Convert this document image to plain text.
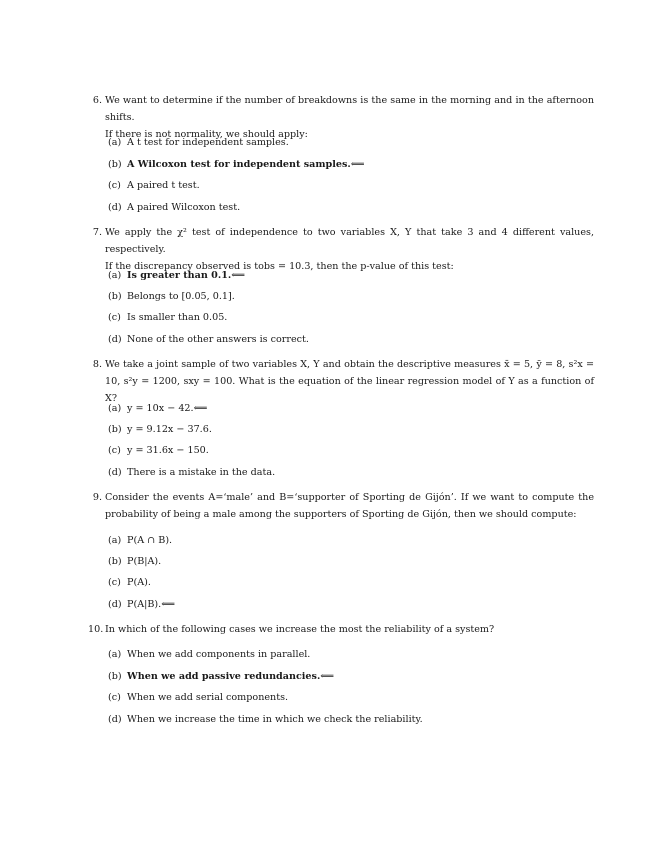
6. We want to determine if the number of breakdowns is the same in the morning and in the afternoon shifts.
If there is not normality, we should apply:
(a) A t test for independent samples.
(b) A Wilcoxon test for independent samples.⟸
(c) A paired t test.
(d) A paired Wilcoxon test.
7. We apply the χ² test of independence to two variables X, Y that take 3 and 4 different values, respectively.
If the discrepancy observed is tobs = 10.3, then the p-value of this test:
(a) Is greater than 0.1.⟸
(b) Belongs to [0.05, 0.1].
(c) Is smaller than 0.05.
(d) None of the other answers is correct.
8. We take a joint sample of two variables X, Y and obtain the descriptive measures x̄ = 5, ȳ = 8, s²x =
10, s²y = 1200, sxy = 100. What is the equation of the linear regression model of Y as a function of X?
(a) y = 10x − 42.⟸
(b) y = 9.12x − 37.6.
(c) y = 31.6x − 150.
(d) There is a mistake in the data.
9. Consider the events A=‘male’ and B=‘supporter of Sporting de Gijón’. If we want to compute the
probability of being a male among the supporters of Sporting de Gijón, then we should compute:
(a) P(A ∩ B).
(b) P(B|A).
(c) P(A).
(d) P(A|B).⟸
10. In which of the following cases we increase the most the reliability of a system?
(a) When we add components in parallel.
(b) When we add passive redundancies.⟸
(c) When we add serial components.
(d) When we increase the time in which we check the reliability.
